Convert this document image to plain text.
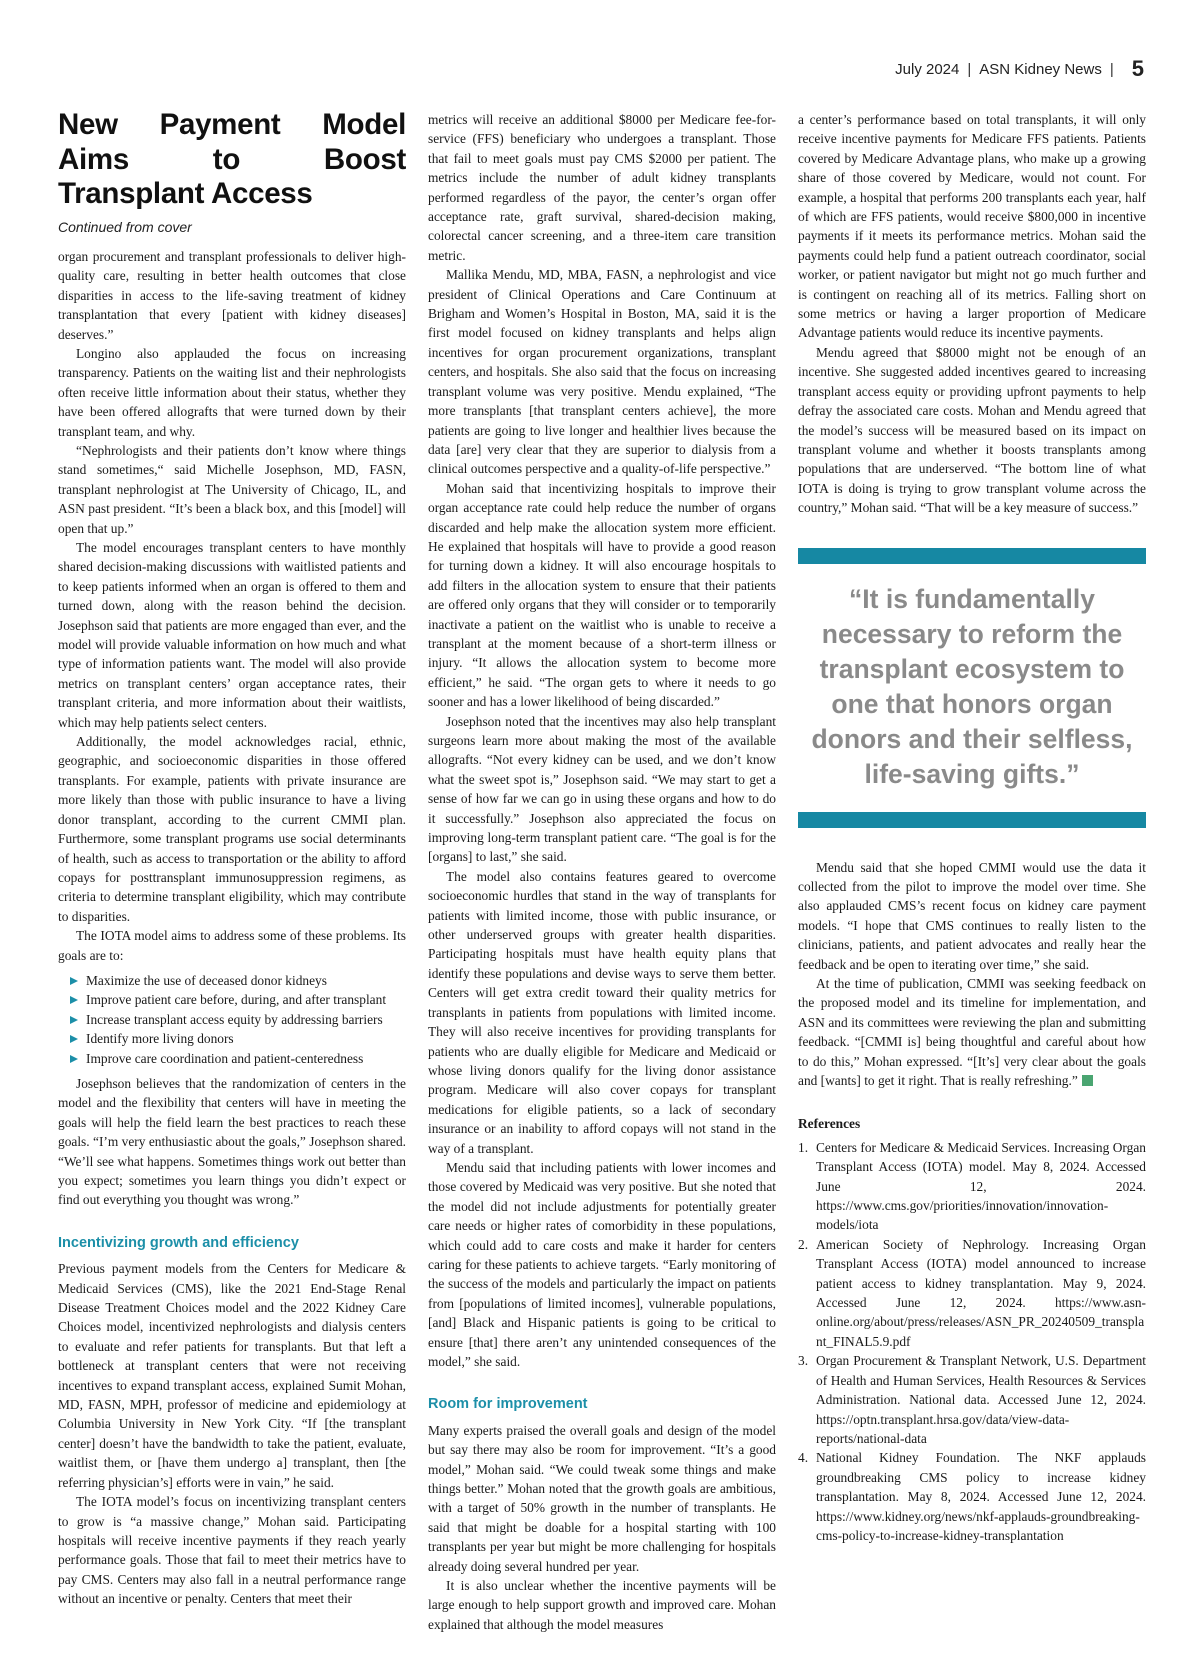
July 2024 | ASN Kidney News | 5
New Payment Model Aims to Boost Transplant Access
Continued from cover

organ procurement and transplant professionals to deliver high-quality care, resulting in better health outcomes that close disparities in access to the life-saving treatment of kidney transplantation that every [patient with kidney diseases] deserves.”

Longino also applauded the focus on increasing transparency. Patients on the waiting list and their nephrologists often receive little information about their status, whether they have been offered allografts that were turned down by their transplant team, and why.

“Nephrologists and their patients don’t know where things stand sometimes,“ said Michelle Josephson, MD, FASN, transplant nephrologist at The University of Chicago, IL, and ASN past president. “It’s been a black box, and this [model] will open that up.”

The model encourages transplant centers to have monthly shared decision-making discussions with waitlisted patients and to keep patients informed when an organ is offered to them and turned down, along with the reason behind the decision. Josephson said that patients are more engaged than ever, and the model will provide valuable information on how much and what type of information patients want. The model will also provide metrics on transplant centers’ organ acceptance rates, their transplant criteria, and more information about their waitlists, which may help patients select centers.

Additionally, the model acknowledges racial, ethnic, geographic, and socioeconomic disparities in those offered transplants. For example, patients with private insurance are more likely than those with public insurance to have a living donor transplant, according to the current CMMI plan. Furthermore, some transplant programs use social determinants of health, such as access to transportation or the ability to afford copays for posttransplant immunosuppression regimens, as criteria to determine transplant eligibility, which may contribute to disparities.

The IOTA model aims to address some of these problems. Its goals are to:

Maximize the use of deceased donor kidneys
Improve patient care before, during, and after transplant
Increase transplant access equity by addressing barriers
Identify more living donors
Improve care coordination and patient-centeredness

Josephson believes that the randomization of centers in the model and the flexibility that centers will have in meeting the goals will help the field learn the best practices to reach these goals. “I’m very enthusiastic about the goals,” Josephson shared. “We’ll see what happens. Sometimes things work out better than you expect; sometimes you learn things you didn’t expect or find out everything you thought was wrong.”

Incentivizing growth and efficiency

Previous payment models from the Centers for Medicare & Medicaid Services (CMS), like the 2021 End-Stage Renal Disease Treatment Choices model and the 2022 Kidney Care Choices model, incentivized nephrologists and dialysis centers to evaluate and refer patients for transplants. But that left a bottleneck at transplant centers that were not receiving incentives to expand transplant access, explained Sumit Mohan, MD, FASN, MPH, professor of medicine and epidemiology at Columbia University in New York City. “If [the transplant center] doesn’t have the bandwidth to take the patient, evaluate, waitlist them, or [have them undergo a] transplant, then [the referring physician’s] efforts were in vain,” he said.

The IOTA model’s focus on incentivizing transplant centers to grow is “a massive change,” Mohan said. Participating hospitals will receive incentive payments if they reach yearly performance goals. Those that fail to meet their metrics have to pay CMS. Centers may also fall in a neutral performance range without an incentive or penalty. Centers that meet their

metrics will receive an additional $8000 per Medicare fee-for-service (FFS) beneficiary who undergoes a transplant. Those that fail to meet goals must pay CMS $2000 per patient. The metrics include the number of adult kidney transplants performed regardless of the payor, the center’s organ offer acceptance rate, graft survival, shared-decision making, colorectal cancer screening, and a three-item care transition metric.

Mallika Mendu, MD, MBA, FASN, a nephrologist and vice president of Clinical Operations and Care Continuum at Brigham and Women’s Hospital in Boston, MA, said it is the first model focused on kidney transplants and helps align incentives for organ procurement organizations, transplant centers, and hospitals. She also said that the focus on increasing transplant volume was very positive. Mendu explained, “The more transplants [that transplant centers achieve], the more patients are going to live longer and healthier lives because the data [are] very clear that they are superior to dialysis from a clinical outcomes perspective and a quality-of-life perspective.”

Mohan said that incentivizing hospitals to improve their organ acceptance rate could help reduce the number of organs discarded and help make the allocation system more efficient. He explained that hospitals will have to provide a good reason for turning down a kidney. It will also encourage hospitals to add filters in the allocation system to ensure that their patients are offered only organs that they will consider or to temporarily inactivate a patient on the waitlist who is unable to receive a transplant at the moment because of a short-term illness or injury. “It allows the allocation system to become more efficient,” he said. “The organ gets to where it needs to go sooner and has a lower likelihood of being discarded.”

Josephson noted that the incentives may also help transplant surgeons learn more about making the most of the available allografts. “Not every kidney can be used, and we don’t know what the sweet spot is,” Josephson said. “We may start to get a sense of how far we can go in using these organs and how to do it successfully.” Josephson also appreciated the focus on improving long-term transplant patient care. “The goal is for the [organs] to last,” she said.

The model also contains features geared to overcome socioeconomic hurdles that stand in the way of transplants for patients with limited income, those with public insurance, or other underserved groups with greater health disparities. Participating hospitals must have health equity plans that identify these populations and devise ways to serve them better. Centers will get extra credit toward their quality metrics for transplants in patients from populations with limited income. They will also receive incentives for providing transplants for patients who are dually eligible for Medicare and Medicaid or whose living donors qualify for the living donor assistance program. Medicare will also cover copays for transplant medications for eligible patients, so a lack of secondary insurance or an inability to afford copays will not stand in the way of a transplant.

Mendu said that including patients with lower incomes and those covered by Medicaid was very positive. But she noted that the model did not include adjustments for potentially greater care needs or higher rates of comorbidity in these populations, which could add to care costs and make it harder for centers caring for these patients to achieve targets. “Early monitoring of the success of the models and particularly the impact on patients from [populations of limited incomes], vulnerable populations, [and] Black and Hispanic patients is going to be critical to ensure [that] there aren’t any unintended consequences of the model,” she said.

Room for improvement

Many experts praised the overall goals and design of the model but say there may also be room for improvement. “It’s a good model,” Mohan said. “We could tweak some things and make things better.” Mohan noted that the growth goals are ambitious, with a target of 50% growth in the number of transplants. He said that might be doable for a hospital starting with 100 transplants per year but might be more challenging for hospitals already doing several hundred per year.

It is also unclear whether the incentive payments will be large enough to help support growth and improved care. Mohan explained that although the model measures

a center’s performance based on total transplants, it will only receive incentive payments for Medicare FFS patients. Patients covered by Medicare Advantage plans, who make up a growing share of those covered by Medicare, would not count. For example, a hospital that performs 200 transplants each year, half of which are FFS patients, would receive $800,000 in incentive payments if it meets its performance metrics. Mohan said the payments could help fund a patient outreach coordinator, social worker, or patient navigator but might not go much further and is contingent on reaching all of its metrics. Falling short on some metrics or having a larger proportion of Medicare Advantage patients would reduce its incentive payments.

Mendu agreed that $8000 might not be enough of an incentive. She suggested added incentives geared to increasing transplant access equity or providing upfront payments to help defray the associated care costs. Mohan and Mendu agreed that the model’s success will be measured based on its impact on transplant volume and whether it boosts transplants among populations that are underserved. “The bottom line of what IOTA is doing is trying to grow transplant volume across the country,” Mohan said. “That will be a key measure of success.”

“It is fundamentally necessary to reform the transplant ecosystem to one that honors organ donors and their selfless, life-saving gifts.”

Mendu said that she hoped CMMI would use the data it collected from the pilot to improve the model over time. She also applauded CMS’s recent focus on kidney care payment models. “I hope that CMS continues to really listen to the clinicians, patients, and patient advocates and really hear the feedback and be open to iterating over time,” she said.

At the time of publication, CMMI was seeking feedback on the proposed model and its timeline for implementation, and ASN and its committees were reviewing the plan and submitting feedback. “[CMMI is] being thoughtful and careful about how to do this,” Mohan expressed. “[It’s] very clear about the goals and [wants] to get it right. That is really refreshing.”

References
1. Centers for Medicare & Medicaid Services. Increasing Organ Transplant Access (IOTA) model. May 8, 2024. Accessed June 12, 2024. https://www.cms.gov/priorities/innovation/innovation-models/iota
2. American Society of Nephrology. Increasing Organ Transplant Access (IOTA) model announced to increase patient access to kidney transplantation. May 9, 2024. Accessed June 12, 2024. https://www.asn-online.org/about/press/releases/ASN_PR_20240509_transplant_FINAL5.9.pdf
3. Organ Procurement & Transplant Network, U.S. Department of Health and Human Services, Health Resources & Services Administration. National data. Accessed June 12, 2024. https://optn.transplant.hrsa.gov/data/view-data-reports/national-data
4. National Kidney Foundation. The NKF applauds groundbreaking CMS policy to increase kidney transplantation. May 8, 2024. Accessed June 12, 2024. https://www.kidney.org/news/nkf-applauds-groundbreaking-cms-policy-to-increase-kidney-transplantation
